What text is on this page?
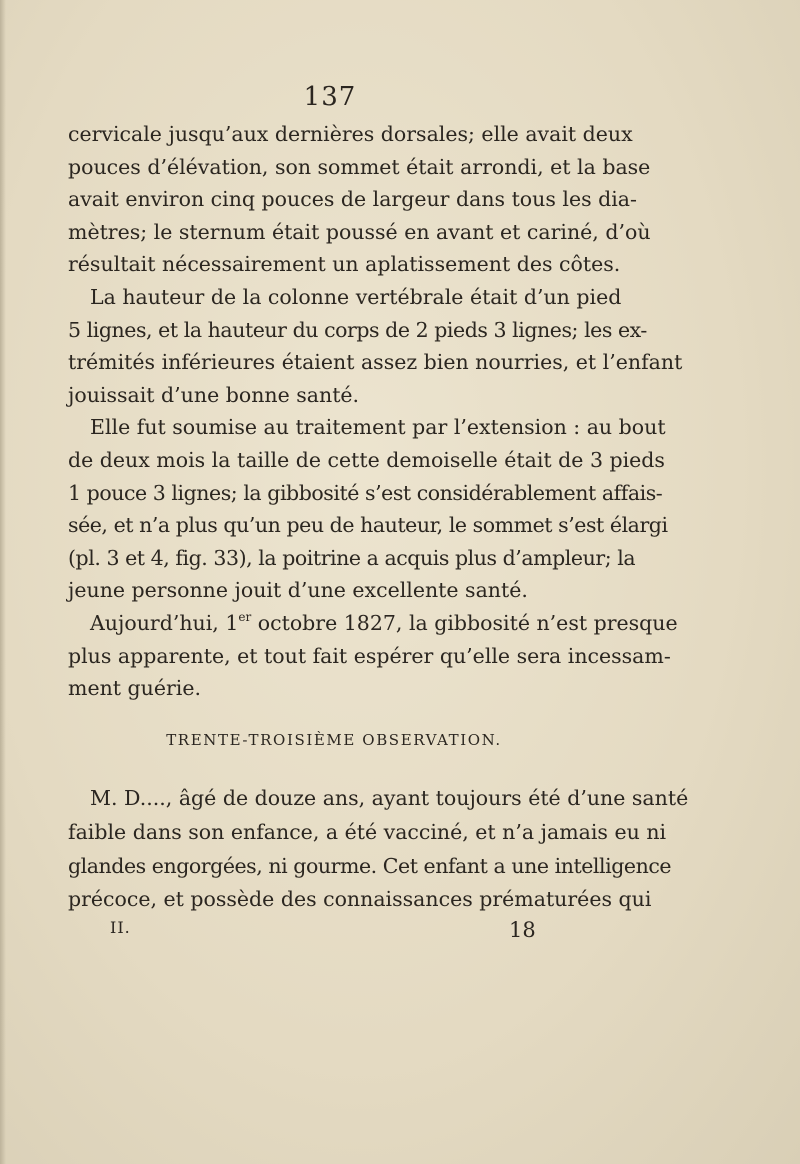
137
cervicale jusqu’aux dernières dorsales; elle avait deux
pouces d’élévation, son sommet était arrondi, et la base
avait environ cinq pouces de largeur dans tous les dia-
mètres; le sternum était poussé en avant et cariné, d’où
résultait nécessairement un aplatissement des côtes.
La hauteur de la colonne vertébrale était d’un pied
5 lignes, et la hauteur du corps de 2 pieds 3 lignes; les ex-
trémités inférieures étaient assez bien nourries, et l’enfant
jouissait d’une bonne santé.
Elle fut soumise au traitement par l’extension : au bout
de deux mois la taille de cette demoiselle était de 3 pieds
1 pouce 3 lignes; la gibbosité s’est considérablement affais-
sée, et n’a plus qu’un peu de hauteur, le sommet s’est élargi
(pl. 3 et 4, fig. 33), la poitrine a acquis plus d’ampleur; la
jeune personne jouit d’une excellente santé.
Aujourd’hui, 1er octobre 1827, la gibbosité n’est presque
plus apparente, et tout fait espérer qu’elle sera incessam-
ment guérie.
TRENTE-TROISIÈME OBSERVATION.
M. D...., âgé de douze ans, ayant toujours été d’une santé
faible dans son enfance, a été vacciné, et n’a jamais eu ni
glandes engorgées, ni gourme. Cet enfant a une intelligence
précoce, et possède des connaissances prématurées qui
II.	18
